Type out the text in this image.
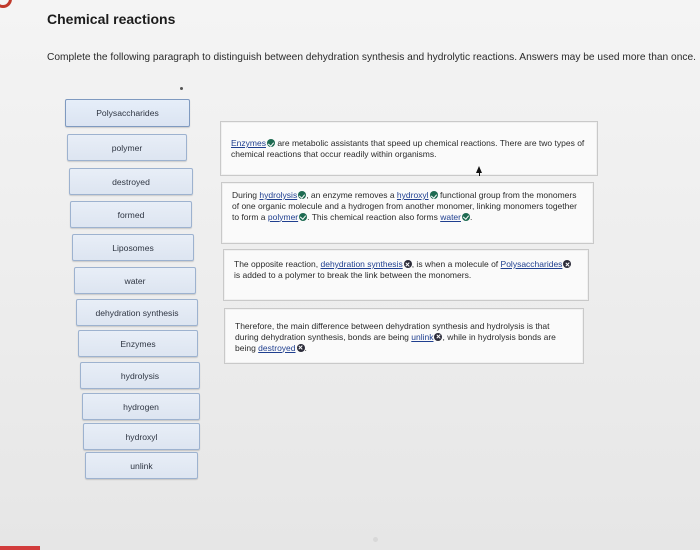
Chemical reactions
Complete the following paragraph to distinguish between dehydration synthesis and hydrolytic reactions. Answers may be used more than once.
Polysaccharides
polymer
destroyed
formed
Liposomes
water
dehydration synthesis
Enzymes
hydrolysis
hydrogen
hydroxyl
unlink

Enzymes are metabolic assistants that speed up chemical reactions. There are two types of chemical reactions that occur readily within organisms.

During hydrolysis , an enzyme removes a hydroxyl functional group from the monomers of one organic molecule and a hydrogen from another monomer, linking monomers together to form a polymer . This chemical reaction also forms water .

The opposite reaction, dehydration synthesis , is when a molecule of Polysaccharides is added to a polymer to break the link between the monomers.

Therefore, the main difference between dehydration synthesis and hydrolysis is that during dehydration synthesis, bonds are being unlink , while in hydrolysis bonds are being destroyed .
